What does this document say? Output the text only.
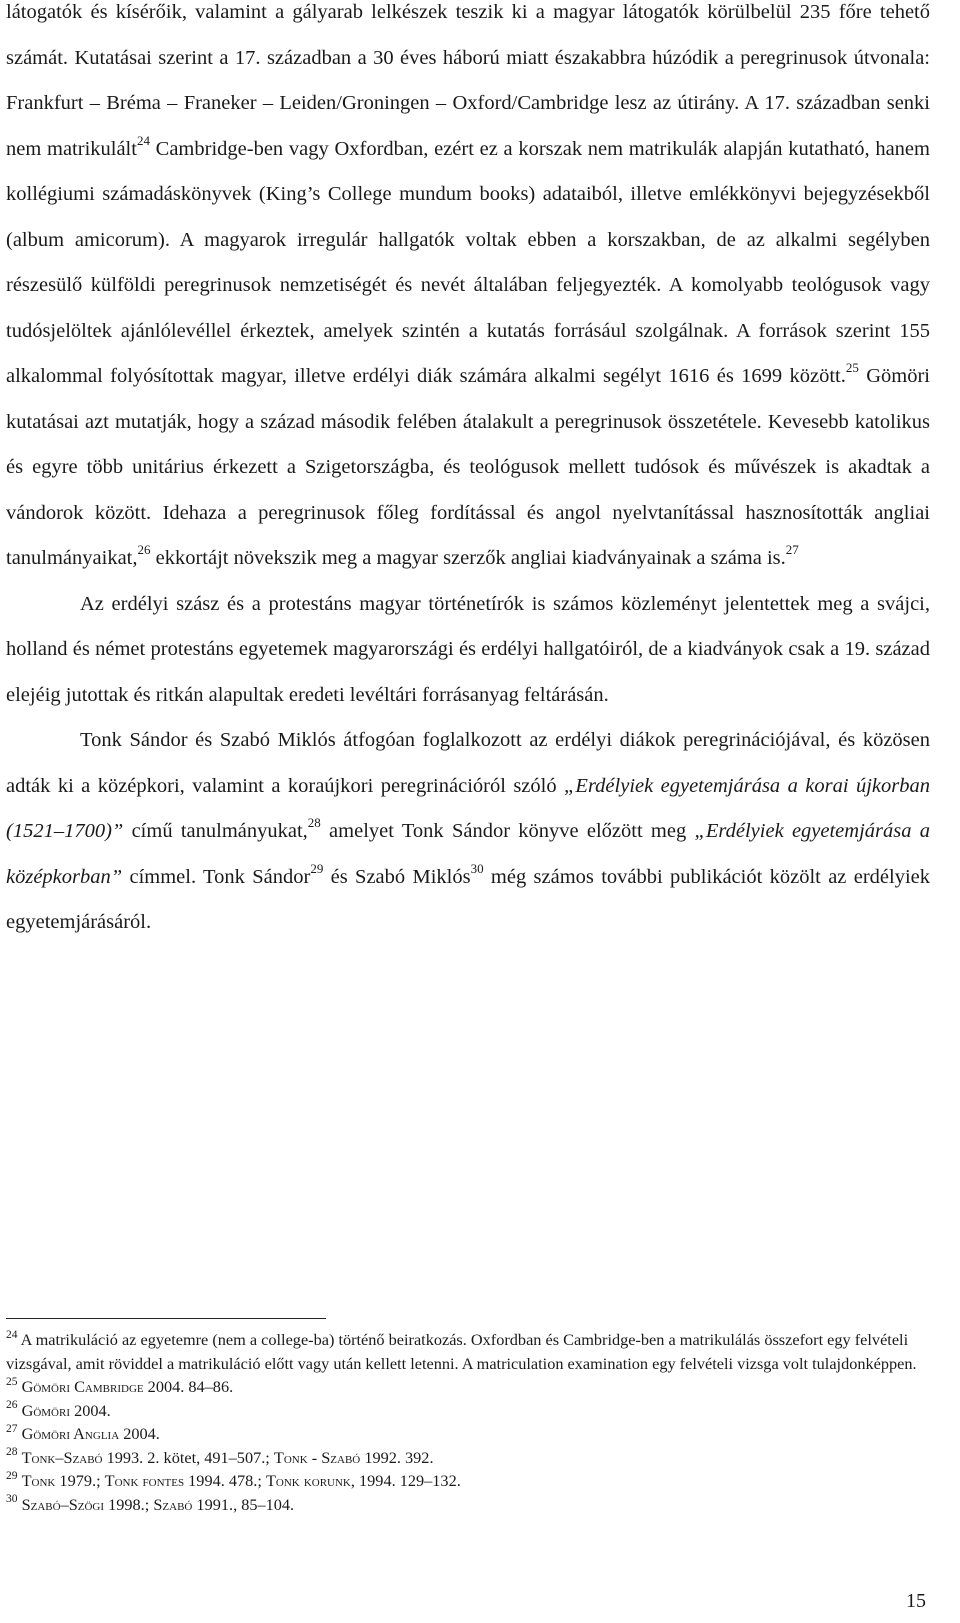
látogatók és kísérőik, valamint a gályarab lelkészek teszik ki a magyar látogatók körülbelül 235 főre tehető számát. Kutatásai szerint a 17. században a 30 éves háború miatt északabbra húzódik a peregrinusok útvonala: Frankfurt – Bréma – Franeker – Leiden/Groningen – Oxford/Cambridge lesz az útirány. A 17. században senki nem matrikulált$^{24}$ Cambridge-ben vagy Oxfordban, ezért ez a korszak nem matrikulák alapján kutatható, hanem kollégiumi számadáskönyvek (King’s College mundum books) adataiból, illetve emlékkönyvi bejegyzésekből (album amicorum). A magyarok irregulár hallgatók voltak ebben a korszakban, de az alkalmi segélyben részesülő külföldi peregrinusok nemzetiségét és nevét általában feljegyezték. A komolyabb teológusok vagy tudósjelöltek ajánlólevéllel érkeztek, amelyek szintén a kutatás forrásául szolgálnak. A források szerint 155 alkalommal folyósítottak magyar, illetve erdélyi diák számára alkalmi segélyt 1616 és 1699 között.$^{25}$ Gömöri kutatásai azt mutatják, hogy a század második felében átalakult a peregrinusok összetétele. Kevesebb katolikus és egyre több unitárius érkezett a Szigetországba, és teológusok mellett tudósok és művészek is akadtak a vándorok között. Idehaza a peregrinusok főleg fordítással és angol nyelvtanítással hasznosították angliai tanulmányaikat,$^{26}$ ekkortájt növekszik meg a magyar szerzők angliai kiadványainak a száma is.$^{27}$

Az erdélyi szász és a protestáns magyar történetírók is számos közleményt jelentettek meg a svájci, holland és német protestáns egyetemek magyarországi és erdélyi hallgatóiról, de a kiadványok csak a 19. század elejéig jutottak és ritkán alapultak eredeti levéltári forrásanyag feltárásán.

Tonk Sándor és Szabó Miklós átfogóan foglalkozott az erdélyi diákok peregrinációjával, és közösen adták ki a középkori, valamint a koraújkori peregrinációról szóló „Erdélyiek egyetemjárása a korai újkorban (1521–1700)” című tanulmányukat,$^{28}$ amelyet Tonk Sándor könyve előzött meg „Erdélyiek egyetemjárása a középkorban” címmel. Tonk Sándor$^{29}$ és Szabó Miklós$^{30}$ még számos további publikációt közölt az erdélyiek egyetemjárásáról.

$^{24}$ A matrikuláció az egyetemre (nem a college-ba) történő beiratkozás. Oxfordban és Cambridge-ben a matrikulálás összefort egy felvételi vizsgával, amit röviddel a matrikuláció előtt vagy után kellett letenni. A matriculation examination egy felvételi vizsga volt tulajdonképpen.
$^{25}$ Gömöri Cambridge 2004. 84–86.
$^{26}$ Gömöri 2004.
$^{27}$ Gömöri Anglia 2004.
$^{28}$ Tonk–Szabó 1993. 2. kötet, 491–507.; Tonk - Szabó 1992. 392.
$^{29}$ Tonk 1979.; Tonk fontes 1994. 478.; Tonk korunk, 1994. 129–132.
$^{30}$ Szabó–Szögi 1998.; Szabó 1991., 85–104.
15
